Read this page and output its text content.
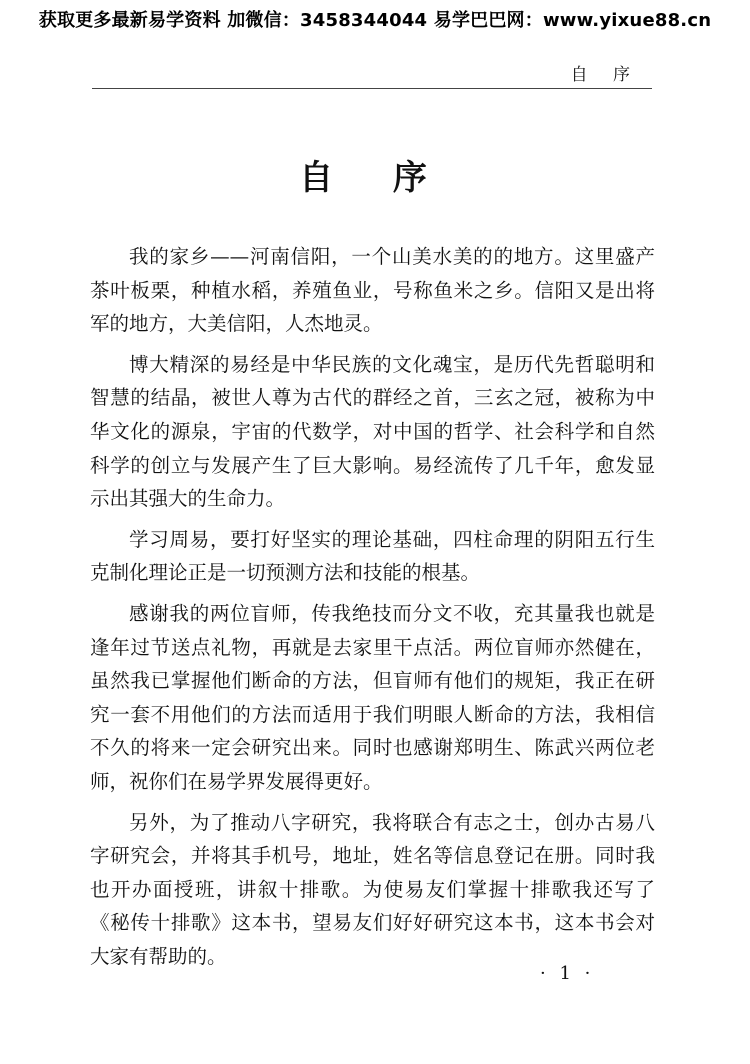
获取更多最新易学资料 加微信：3458344044 易学巴巴网：www.yixue88.cn
自 序
自 序

我的家乡——河南信阳，一个山美水美的的地方。这里盛产茶叶板栗，种植水稻，养殖鱼业，号称鱼米之乡。信阳又是出将军的地方，大美信阳，人杰地灵。

博大精深的易经是中华民族的文化魂宝，是历代先哲聪明和智慧的结晶，被世人尊为古代的群经之首，三玄之冠，被称为中华文化的源泉，宇宙的代数学，对中国的哲学、社会科学和自然科学的创立与发展产生了巨大影响。易经流传了几千年，愈发显示出其强大的生命力。

学习周易，要打好坚实的理论基础，四柱命理的阴阳五行生克制化理论正是一切预测方法和技能的根基。

感谢我的两位盲师，传我绝技而分文不收，充其量我也就是逢年过节送点礼物，再就是去家里干点活。两位盲师亦然健在，虽然我已掌握他们断命的方法，但盲师有他们的规矩，我正在研究一套不用他们的方法而适用于我们明眼人断命的方法，我相信不久的将来一定会研究出来。同时也感谢郑明生、陈武兴两位老师，祝你们在易学界发展得更好。

另外，为了推动八字研究，我将联合有志之士，创办古易八字研究会，并将其手机号，地址，姓名等信息登记在册。同时我也开办面授班，讲叙十排歌。为使易友们掌握十排歌我还写了《秘传十排歌》这本书，望易友们好好研究这本书，这本书会对大家有帮助的。

· 1 ·
